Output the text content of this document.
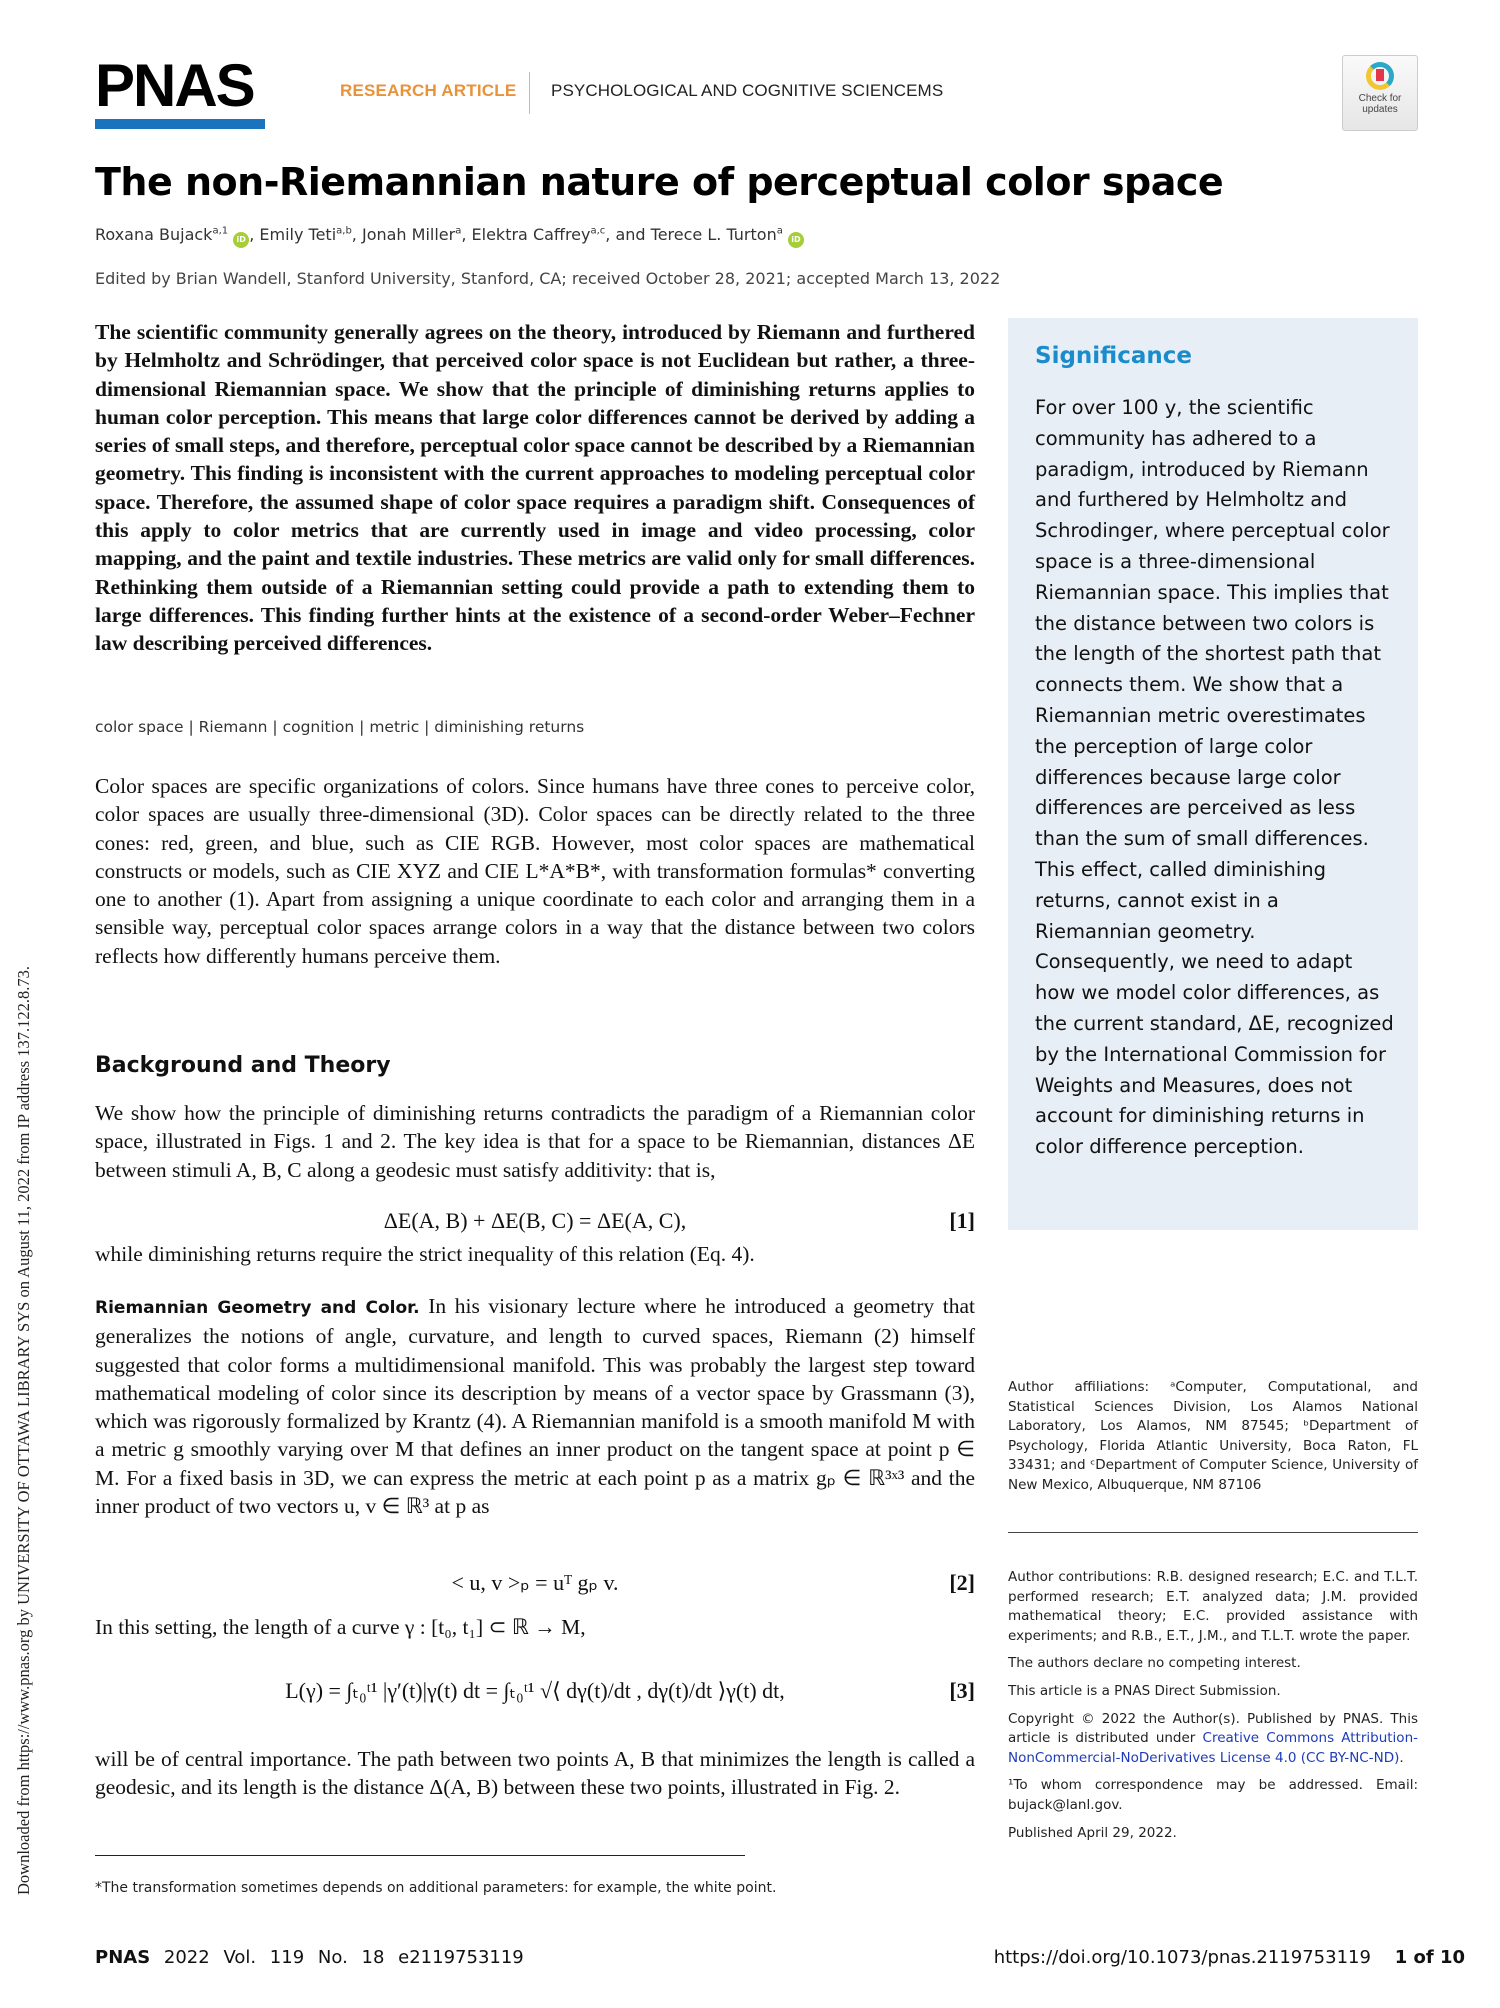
PNAS	RESEARCH ARTICLE PSYCHOLOGICAL AND COGNITIVE SCIENCEMS	Check for
updates
The non-Riemannian nature of perceptual color space
Roxana Bujack$^{a,1}$ iD , Emily Teti$^{a,b}$, Jonah Miller$^a$, Elektra Caffrey$^{a,c}$, and Terece L. Turton$^a$ iD
Edited by Brian Wandell, Stanford University, Stanford, CA; received October 28, 2021; accepted March 13, 2022
The scientific community generally agrees on the theory, introduced by Riemann and furthered by Helmholtz and Schrödinger, that perceived color space is not Euclidean but rather, a three-dimensional Riemannian space. We show that the principle of diminishing returns applies to human color perception. This means that large color differences cannot be derived by adding a series of small steps, and therefore, perceptual color space cannot be described by a Riemannian geometry. This finding is inconsistent with the current approaches to modeling perceptual color space. Therefore, the assumed shape of color space requires a paradigm shift. Consequences of this apply to color metrics that are currently used in image and video processing, color mapping, and the paint and textile industries. These metrics are valid only for small differences. Rethinking them outside of a Riemannian setting could provide a path to extending them to large differences. This finding further hints at the existence of a second-order Weber–Fechner law describing perceived differences.
color space | Riemann | cognition | metric | diminishing returns
Color spaces are specific organizations of colors. Since humans have three cones to perceive color, color spaces are usually three-dimensional (3D). Color spaces can be directly related to the three cones: red, green, and blue, such as CIE RGB. However, most color spaces are mathematical constructs or models, such as CIE XYZ and CIE L*A*B*, with transformation formulas* converting one to another (1). Apart from assigning a unique coordinate to each color and arranging them in a sensible way, perceptual color spaces arrange colors in a way that the distance between two colors reflects how differently humans perceive them.
Background and Theory
We show how the principle of diminishing returns contradicts the paradigm of a Riemannian color space, illustrated in Figs. 1 and 2. The key idea is that for a space to be Riemannian, distances ΔE between stimuli A, B, C along a geodesic must satisfy additivity: that is,
ΔE(A, B) + ΔE(B, C) = ΔE(A, C),	[1]
while diminishing returns require the strict inequality of this relation (Eq. 4).
Riemannian Geometry and Color. In his visionary lecture where he introduced a geometry that generalizes the notions of angle, curvature, and length to curved spaces, Riemann (2) himself suggested that color forms a multidimensional manifold. This was probably the largest step toward mathematical modeling of color since its description by means of a vector space by Grassmann (3), which was rigorously formalized by Krantz (4). A Riemannian manifold is a smooth manifold M with a metric g smoothly varying over M that defines an inner product on the tangent space at point p ∈ M. For a fixed basis in 3D, we can express the metric at each point p as a matrix gₚ ∈ ℝ³ˣ³ and the inner product of two vectors u, v ∈ ℝ³ at p as
< u, v >ₚ = uᵀ gₚ v.	[2]
In this setting, the length of a curve γ : [t₀, t₁] ⊂ ℝ → M,
L(γ) = ∫ₜ₀ᵗ¹ |γ′(t)|γ(t) dt = ∫ₜ₀ᵗ¹ √⟨ dγ(t)/dt , dγ(t)/dt ⟩γ(t) dt,	[3]
will be of central importance. The path between two points A, B that minimizes the length is called a geodesic, and its length is the distance Δ(A, B) between these two points, illustrated in Fig. 2.
*The transformation sometimes depends on additional parameters: for example, the white point.
Significance
For over 100 y, the scientific community has adhered to a paradigm, introduced by Riemann and furthered by Helmholtz and Schrodinger, where perceptual color space is a three-dimensional Riemannian space. This implies that the distance between two colors is the length of the shortest path that connects them. We show that a Riemannian metric overestimates the perception of large color differences because large color differences are perceived as less than the sum of small differences. This effect, called diminishing returns, cannot exist in a Riemannian geometry. Consequently, we need to adapt how we model color differences, as the current standard, ΔE, recognized by the International Commission for Weights and Measures, does not account for diminishing returns in color difference perception.

Author affiliations: ᵃComputer, Computational, and Statistical Sciences Division, Los Alamos National Laboratory, Los Alamos, NM 87545; ᵇDepartment of Psychology, Florida Atlantic University, Boca Raton, FL 33431; and ᶜDepartment of Computer Science, University of New Mexico, Albuquerque, NM 87106

Author contributions: R.B. designed research; E.C. and T.L.T. performed research; E.T. analyzed data; J.M. provided mathematical theory; E.C. provided assistance with experiments; and R.B., E.T., J.M., and T.L.T. wrote the paper.

The authors declare no competing interest.

This article is a PNAS Direct Submission.

Copyright © 2022 the Author(s). Published by PNAS. This article is distributed under Creative Commons Attribution-NonCommercial-NoDerivatives License 4.0 (CC BY-NC-ND).

¹To whom correspondence may be addressed. Email: bujack@lanl.gov.

Published April 29, 2022.

PNAS 2022 Vol. 119 No. 18 e2119753119	https://doi.org/10.1073/pnas.2119753119 1 of 10
Downloaded from https://www.pnas.org by UNIVERSITY OF OTTAWA LIBRARY SYS on August 11, 2022 from IP address 137.122.8.73.
